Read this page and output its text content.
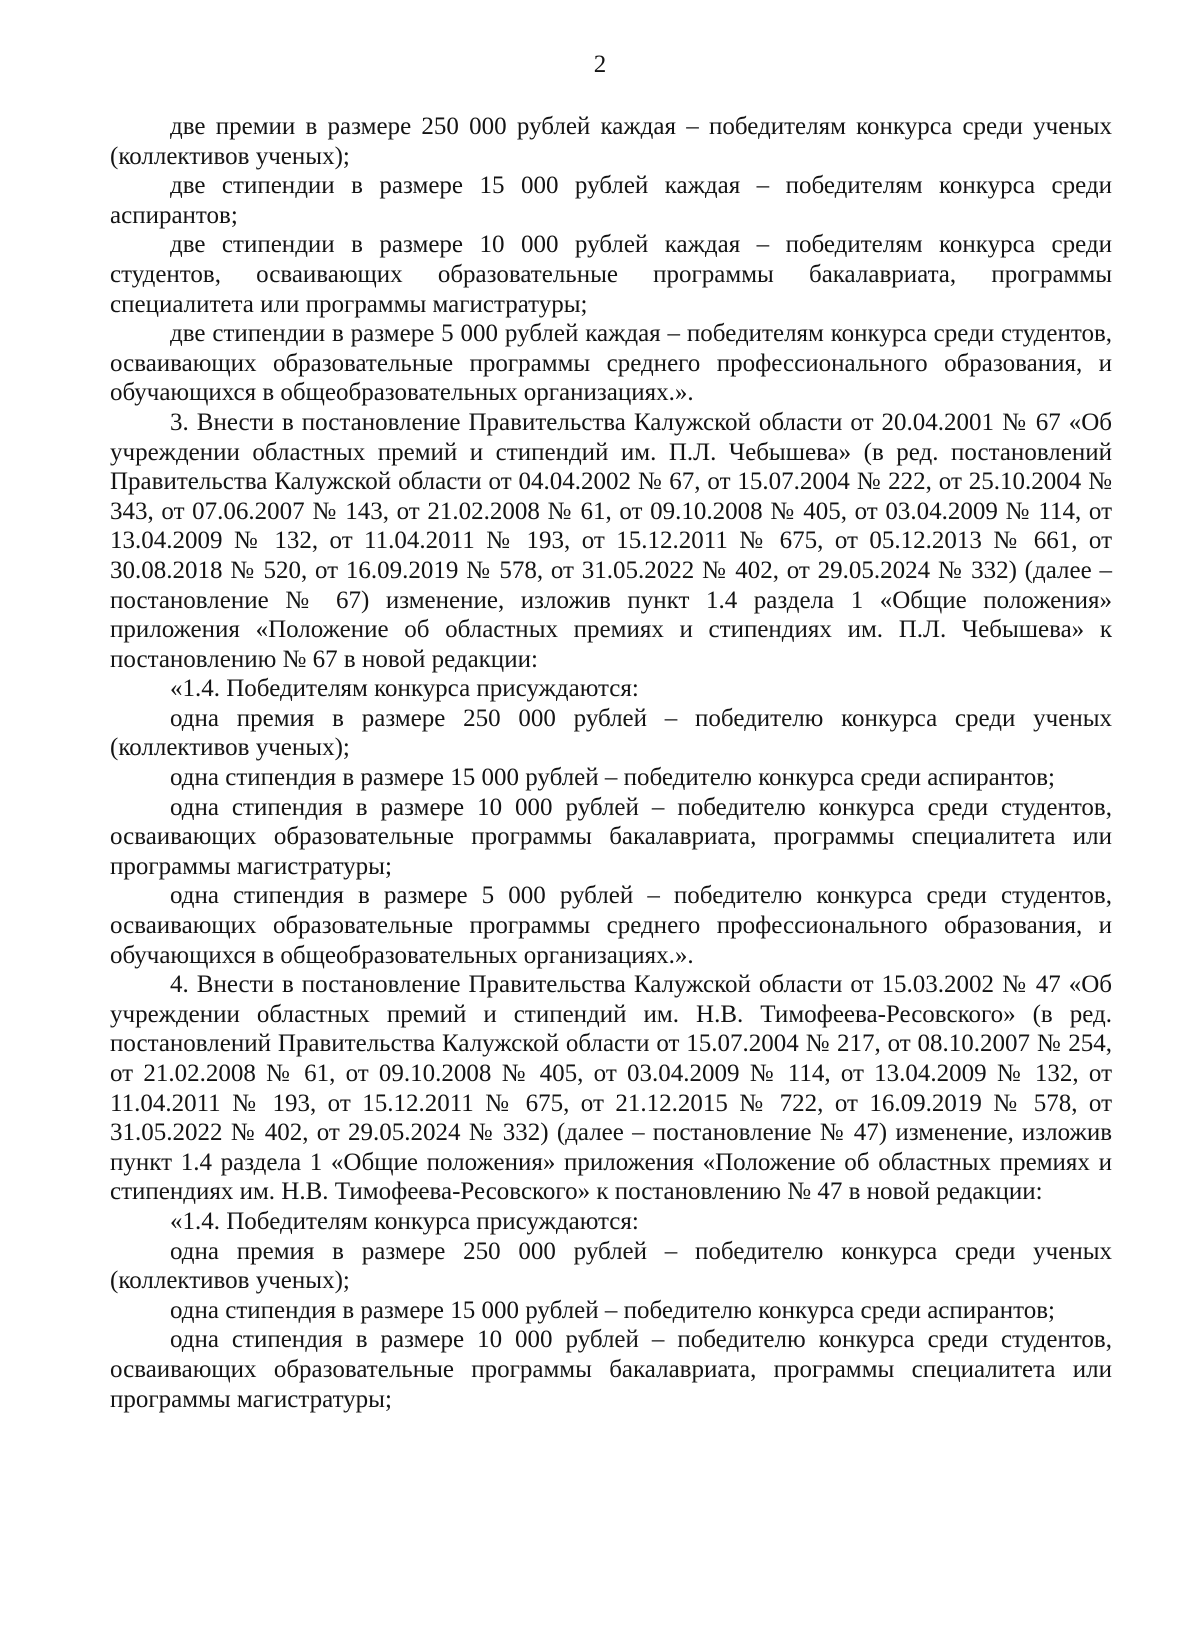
2

две премии в размере 250 000 рублей каждая – победителям конкурса среди ученых (коллективов ученых);

две стипендии в размере 15 000 рублей каждая – победителям конкурса среди аспирантов;

две стипендии в размере 10 000 рублей каждая – победителям конкурса среди студентов, осваивающих образовательные программы бакалавриата, программы специалитета или программы магистратуры;

две стипендии в размере 5 000 рублей каждая – победителям конкурса среди студентов, осваивающих образовательные программы среднего профессионального образования, и обучающихся в общеобразовательных организациях.».

3. Внести в постановление Правительства Калужской области от 20.04.2001 № 67 «Об учреждении областных премий и стипендий им. П.Л. Чебышева» (в ред. постановлений Правительства Калужской области от 04.04.2002 № 67, от 15.07.2004 № 222, от 25.10.2004 № 343, от 07.06.2007 № 143, от 21.02.2008 № 61, от 09.10.2008 № 405, от 03.04.2009 № 114, от 13.04.2009 № 132, от 11.04.2011 № 193, от 15.12.2011 № 675, от 05.12.2013 № 661, от 30.08.2018 № 520, от 16.09.2019 № 578, от 31.05.2022 № 402, от 29.05.2024 № 332) (далее – постановление № 67) изменение, изложив пункт 1.4 раздела 1 «Общие положения» приложения «Положение об областных премиях и стипендиях им. П.Л. Чебышева» к постановлению № 67 в новой редакции:

«1.4. Победителям конкурса присуждаются:

одна премия в размере 250 000 рублей – победителю конкурса среди ученых (коллективов ученых);

одна стипендия в размере 15 000 рублей – победителю конкурса среди аспирантов;

одна стипендия в размере 10 000 рублей – победителю конкурса среди студентов, осваивающих образовательные программы бакалавриата, программы специалитета или программы магистратуры;

одна стипендия в размере 5 000 рублей – победителю конкурса среди студентов, осваивающих образовательные программы среднего профессионального образования, и обучающихся в общеобразовательных организациях.».

4. Внести в постановление Правительства Калужской области от 15.03.2002 № 47 «Об учреждении областных премий и стипендий им. Н.В. Тимофеева-Ресовского» (в ред. постановлений Правительства Калужской области от 15.07.2004 № 217, от 08.10.2007 № 254, от 21.02.2008 № 61, от 09.10.2008 № 405, от 03.04.2009 № 114, от 13.04.2009 № 132, от 11.04.2011 № 193, от 15.12.2011 № 675, от 21.12.2015 № 722, от 16.09.2019 № 578, от 31.05.2022 № 402, от 29.05.2024 № 332) (далее – постановление № 47) изменение, изложив пункт 1.4 раздела 1 «Общие положения» приложения «Положение об областных премиях и стипендиях им. Н.В. Тимофеева-Ресовского» к постановлению № 47 в новой редакции:

«1.4. Победителям конкурса присуждаются:

одна премия в размере 250 000 рублей – победителю конкурса среди ученых (коллективов ученых);

одна стипендия в размере 15 000 рублей – победителю конкурса среди аспирантов;

одна стипендия в размере 10 000 рублей – победителю конкурса среди студентов, осваивающих образовательные программы бакалавриата, программы специалитета или программы магистратуры;
